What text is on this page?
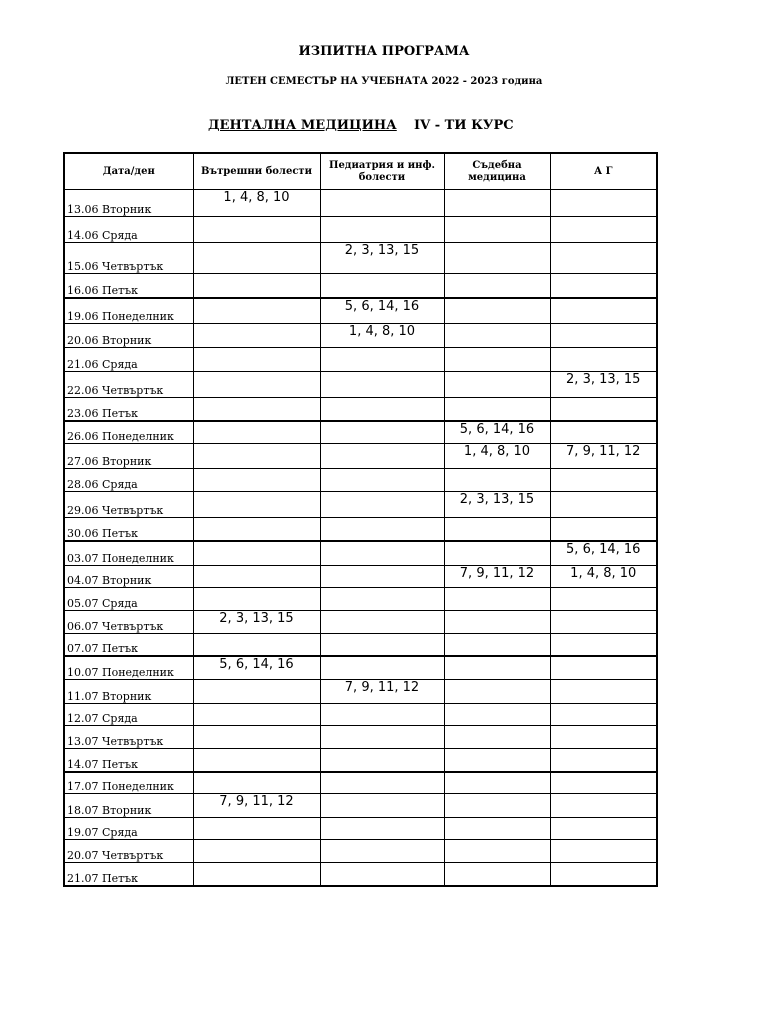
ИЗПИТНА ПРОГРАМА
ЛЕТЕН СЕМЕСТЪР НА УЧЕБНАТА 2022 - 2023 година
ДЕНТАЛНА МЕДИЦИНА IV - ТИ КУРС
Дата/ден	Вътрешни болести	Педиатрия и инф. болести	Съдебна медицина	А Г
13.06 Вторник	1, 4, 8, 10			
14.06 Сряда				
15.06 Четвъртък		2, 3, 13, 15		
16.06 Петък				
19.06 Понеделник		5, 6, 14, 16		
20.06 Вторник		1, 4, 8, 10		
21.06 Сряда				
22.06 Четвъртък				2, 3, 13, 15
23.06 Петък				
26.06 Понеделник			5, 6, 14, 16	
27.06 Вторник			1, 4, 8, 10	7, 9, 11, 12
28.06 Сряда				
29.06 Четвъртък			2, 3, 13, 15	
30.06 Петък				
03.07 Понеделник				5, 6, 14, 16
04.07 Вторник			7, 9, 11, 12	1, 4, 8, 10
05.07 Сряда				
06.07 Четвъртък	2, 3, 13, 15			
07.07 Петък				
10.07 Понеделник	5, 6, 14, 16			
11.07 Вторник		7, 9, 11, 12		
12.07 Сряда				
13.07 Четвъртък				
14.07 Петък				
17.07 Понеделник				
18.07 Вторник	7, 9, 11, 12			
19.07 Сряда				
20.07 Четвъртък				
21.07 Петък				
